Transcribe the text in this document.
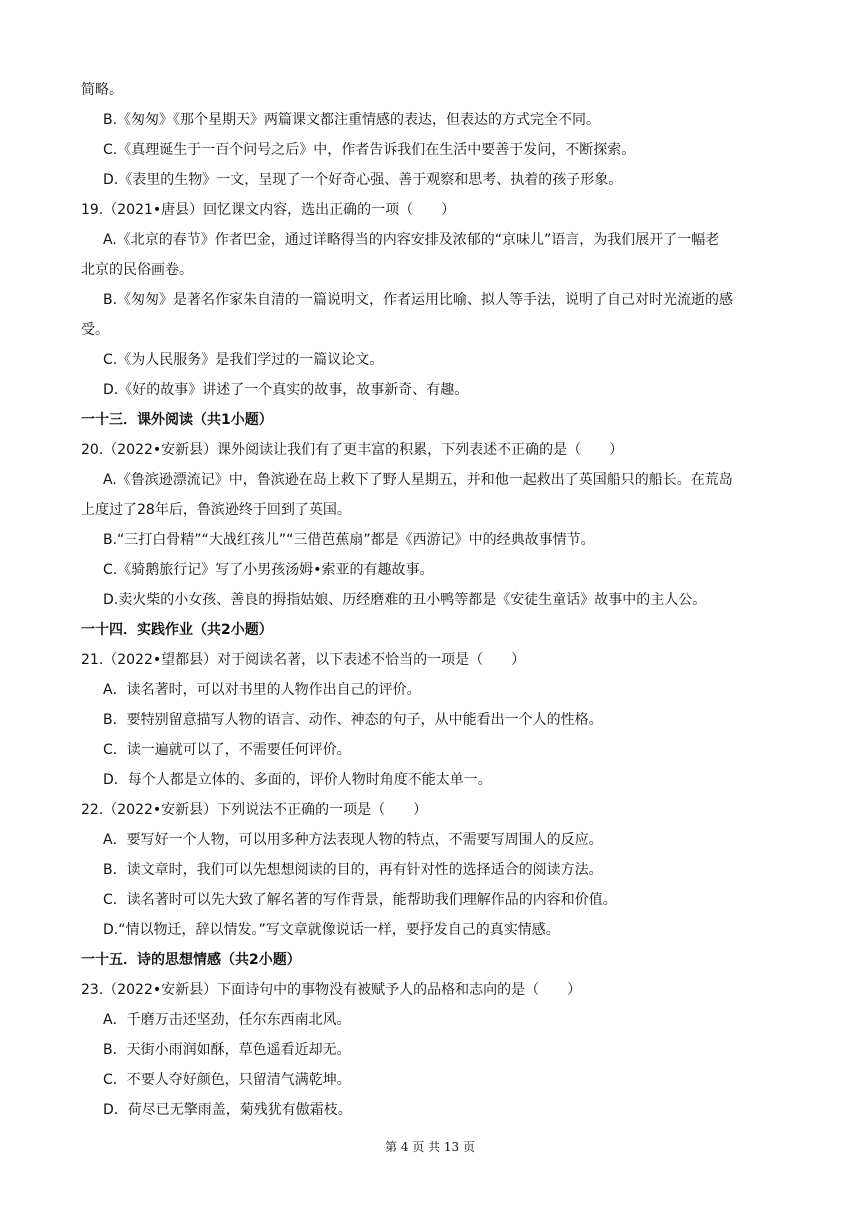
简略。
B.《匆匆》《那个星期天》两篇课文都注重情感的表达，但表达的方式完全不同。
C.《真理诞生于一百个问号之后》中，作者告诉我们在生活中要善于发问，不断探索。
D.《表里的生物》一文，呈现了一个好奇心强、善于观察和思考、执着的孩子形象。
19.（2021•唐县）回忆课文内容，选出正确的一项（　　）
A.《北京的春节》作者巴金，通过详略得当的内容安排及浓郁的“京味儿”语言，为我们展开了一幅老
北京的民俗画卷。
B.《匆匆》是著名作家朱自清的一篇说明文，作者运用比喻、拟人等手法，说明了自己对时光流逝的感
受。
C.《为人民服务》是我们学过的一篇议论文。
D.《好的故事》讲述了一个真实的故事，故事新奇、有趣。
一十三．课外阅读（共1小题）
20.（2022•安新县）课外阅读让我们有了更丰富的积累，下列表述不正确的是（　　）
A.《鲁滨逊漂流记》中，鲁滨逊在岛上救下了野人星期五，并和他一起救出了英国船只的船长。在荒岛
上度过了28年后，鲁滨逊终于回到了英国。
B.“三打白骨精”“大战红孩儿”“三借芭蕉扇”都是《西游记》中的经典故事情节。
C.《骑鹅旅行记》写了小男孩汤姆•索亚的有趣故事。
D.卖火柴的小女孩、善良的拇指姑娘、历经磨难的丑小鸭等都是《安徒生童话》故事中的主人公。
一十四．实践作业（共2小题）
21.（2022•望都县）对于阅读名著，以下表述不恰当的一项是（　　）
A．读名著时，可以对书里的人物作出自己的评价。
B．要特别留意描写人物的语言、动作、神态的句子，从中能看出一个人的性格。
C．读一遍就可以了，不需要任何评价。
D．每个人都是立体的、多面的，评价人物时角度不能太单一。
22.（2022•安新县）下列说法不正确的一项是（　　）
A．要写好一个人物，可以用多种方法表现人物的特点，不需要写周围人的反应。
B．读文章时，我们可以先想想阅读的目的，再有针对性的选择适合的阅读方法。
C．读名著时可以先大致了解名著的写作背景，能帮助我们理解作品的内容和价值。
D.“情以物迁，辞以情发。”写文章就像说话一样，要抒发自己的真实情感。
一十五．诗的思想情感（共2小题）
23.（2022•安新县）下面诗句中的事物没有被赋予人的品格和志向的是（　　）
A．千磨万击还坚劲，任尔东西南北风。
B．天街小雨润如酥，草色遥看近却无。
C．不要人夺好颜色，只留清气满乾坤。
D．荷尽已无擎雨盖，菊残犹有傲霜枝。
第 4 页 共 13 页
